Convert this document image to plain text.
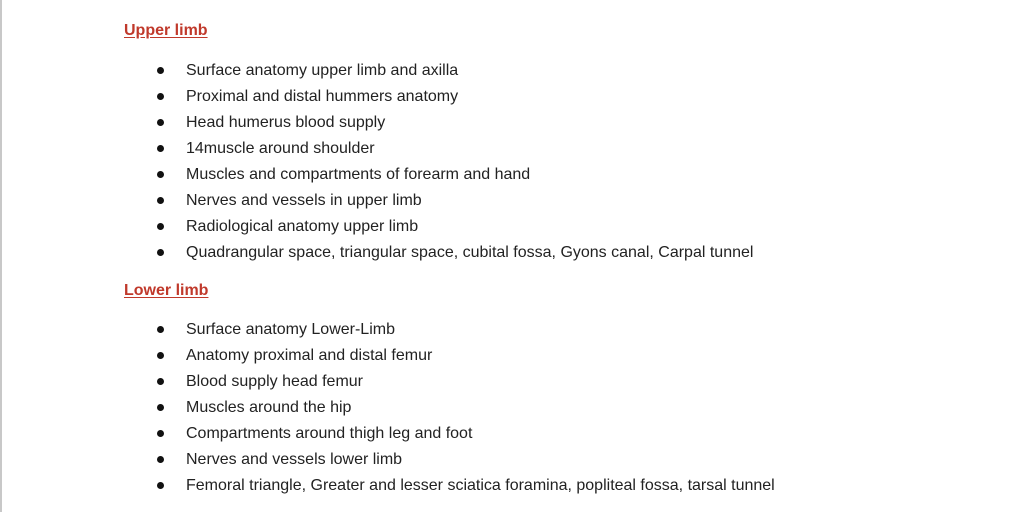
Upper limb
Surface anatomy upper limb and axilla
Proximal and distal hummers anatomy
Head humerus blood supply
14muscle around shoulder
Muscles and compartments of forearm and hand
Nerves and vessels in upper limb
Radiological anatomy upper limb
Quadrangular space, triangular space, cubital fossa, Gyons canal, Carpal tunnel
Lower limb
Surface anatomy Lower-Limb
Anatomy proximal and distal femur
Blood supply head femur
Muscles around the hip
Compartments around thigh leg and foot
Nerves and vessels lower limb
Femoral triangle, Greater and lesser sciatica foramina, popliteal fossa, tarsal tunnel
